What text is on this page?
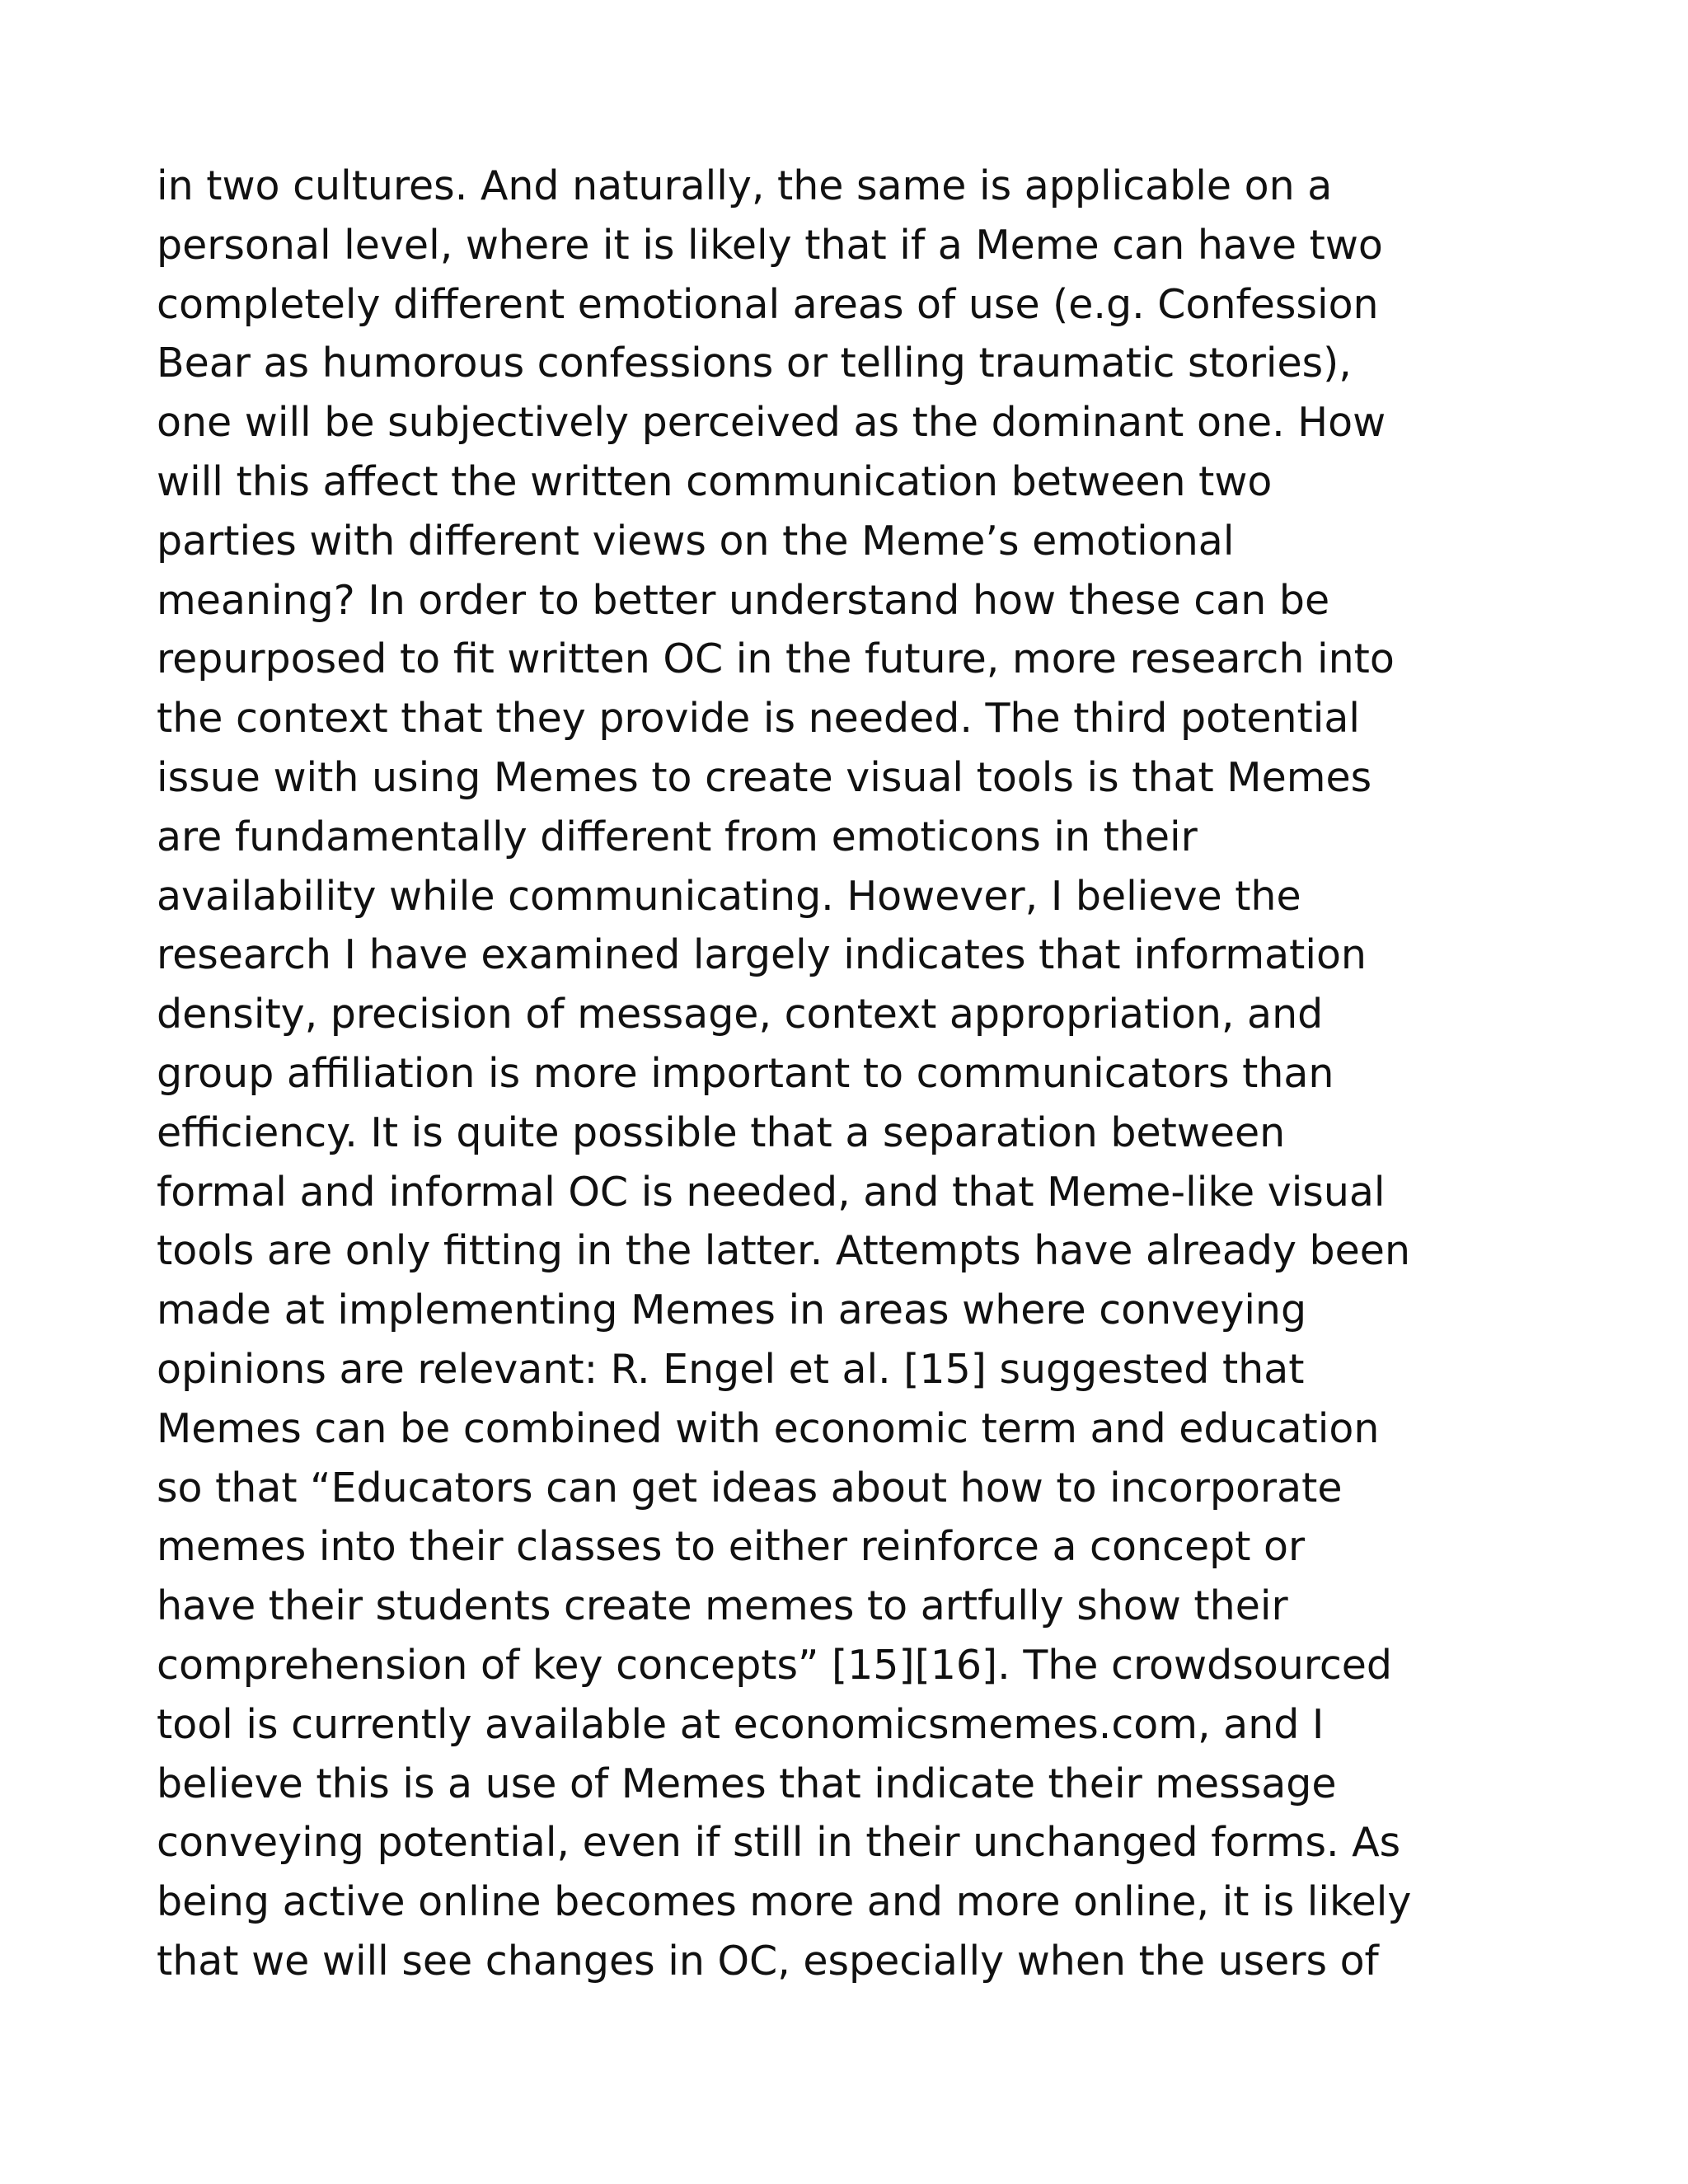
in two cultures. And naturally, the same is applicable on a
personal level, where it is likely that if a Meme can have two
completely different emotional areas of use (e.g. Confession
Bear as humorous confessions or telling traumatic stories),
one will be subjectively perceived as the dominant one. How
will this affect the written communication between two
parties with different views on the Meme’s emotional
meaning? In order to better understand how these can be
repurposed to fit written OC in the future, more research into
the context that they provide is needed. The third potential
issue with using Memes to create visual tools is that Memes
are fundamentally different from emoticons in their
availability while communicating. However, I believe the
research I have examined largely indicates that information
density, precision of message, context appropriation, and
group affiliation is more important to communicators than
efficiency. It is quite possible that a separation between
formal and informal OC is needed, and that Meme-like visual
tools are only fitting in the latter. Attempts have already been
made at implementing Memes in areas where conveying
opinions are relevant: R. Engel et al. [15] suggested that
Memes can be combined with economic term and education
so that “Educators can get ideas about how to incorporate
memes into their classes to either reinforce a concept or
have their students create memes to artfully show their
comprehension of key concepts” [15][16]. The crowdsourced
tool is currently available at economicsmemes.com, and I
believe this is a use of Memes that indicate their message
conveying potential, even if still in their unchanged forms. As
being active online becomes more and more online, it is likely
that we will see changes in OC, especially when the users of
